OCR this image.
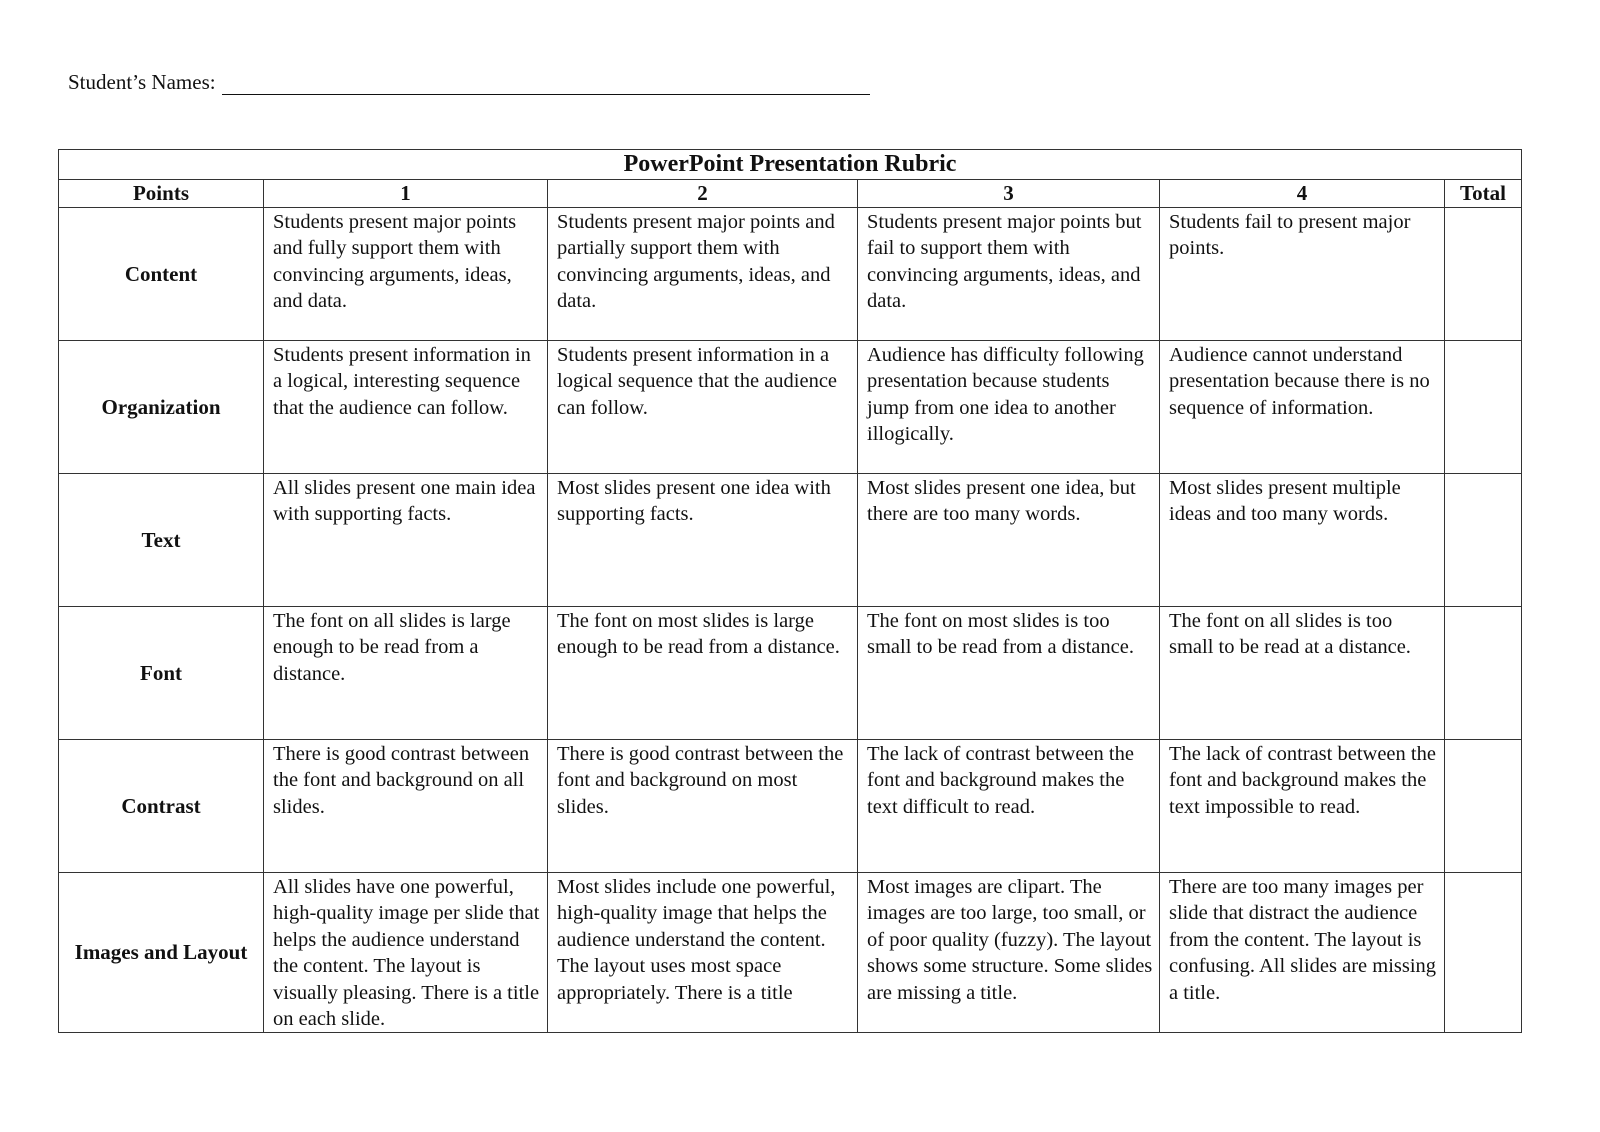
Student’s Names:
PowerPoint Presentation Rubric					
Points	1	2	3	4	Total
Content	Students present major points and fully support them with convincing arguments, ideas, and data.	Students present major points and partially support them with convincing arguments, ideas, and data.	Students present major points but fail to support them with convincing arguments, ideas, and data.	Students fail to present major points.	
Organization	Students present information in a logical, interesting sequence that the audience can follow.	Students present information in a logical sequence that the audience can follow.	Audience has difficulty following presentation because students jump from one idea to another illogically.	Audience cannot understand presentation because there is no sequence of information.	
Text	All slides present one main idea with supporting facts.	Most slides present one idea with supporting facts.	Most slides present one idea, but there are too many words.	Most slides present multiple ideas and too many words.	
Font	The font on all slides is large enough to be read from a distance.	The font on most slides is large enough to be read from a distance.	The font on most slides is too small to be read from a distance.	The font on all slides is too small to be read at a distance.	
Contrast	There is good contrast between the font and background on all slides.	There is good contrast between the font and background on most slides.	The lack of contrast between the font and background makes the text difficult to read.	The lack of contrast between the font and background makes the text impossible to read.	
Images and Layout	All slides have one powerful, high-quality image per slide that helps the audience understand the content. The layout is visually pleasing. There is a title on each slide.	Most slides include one powerful, high-quality image that helps the audience understand the content. The layout uses most space appropriately. There is a title	Most images are clipart. The images are too large, too small, or of poor quality (fuzzy). The layout shows some structure. Some slides are missing a title.	There are too many images per slide that distract the audience from the content. The layout is confusing. All slides are missing a title.	
